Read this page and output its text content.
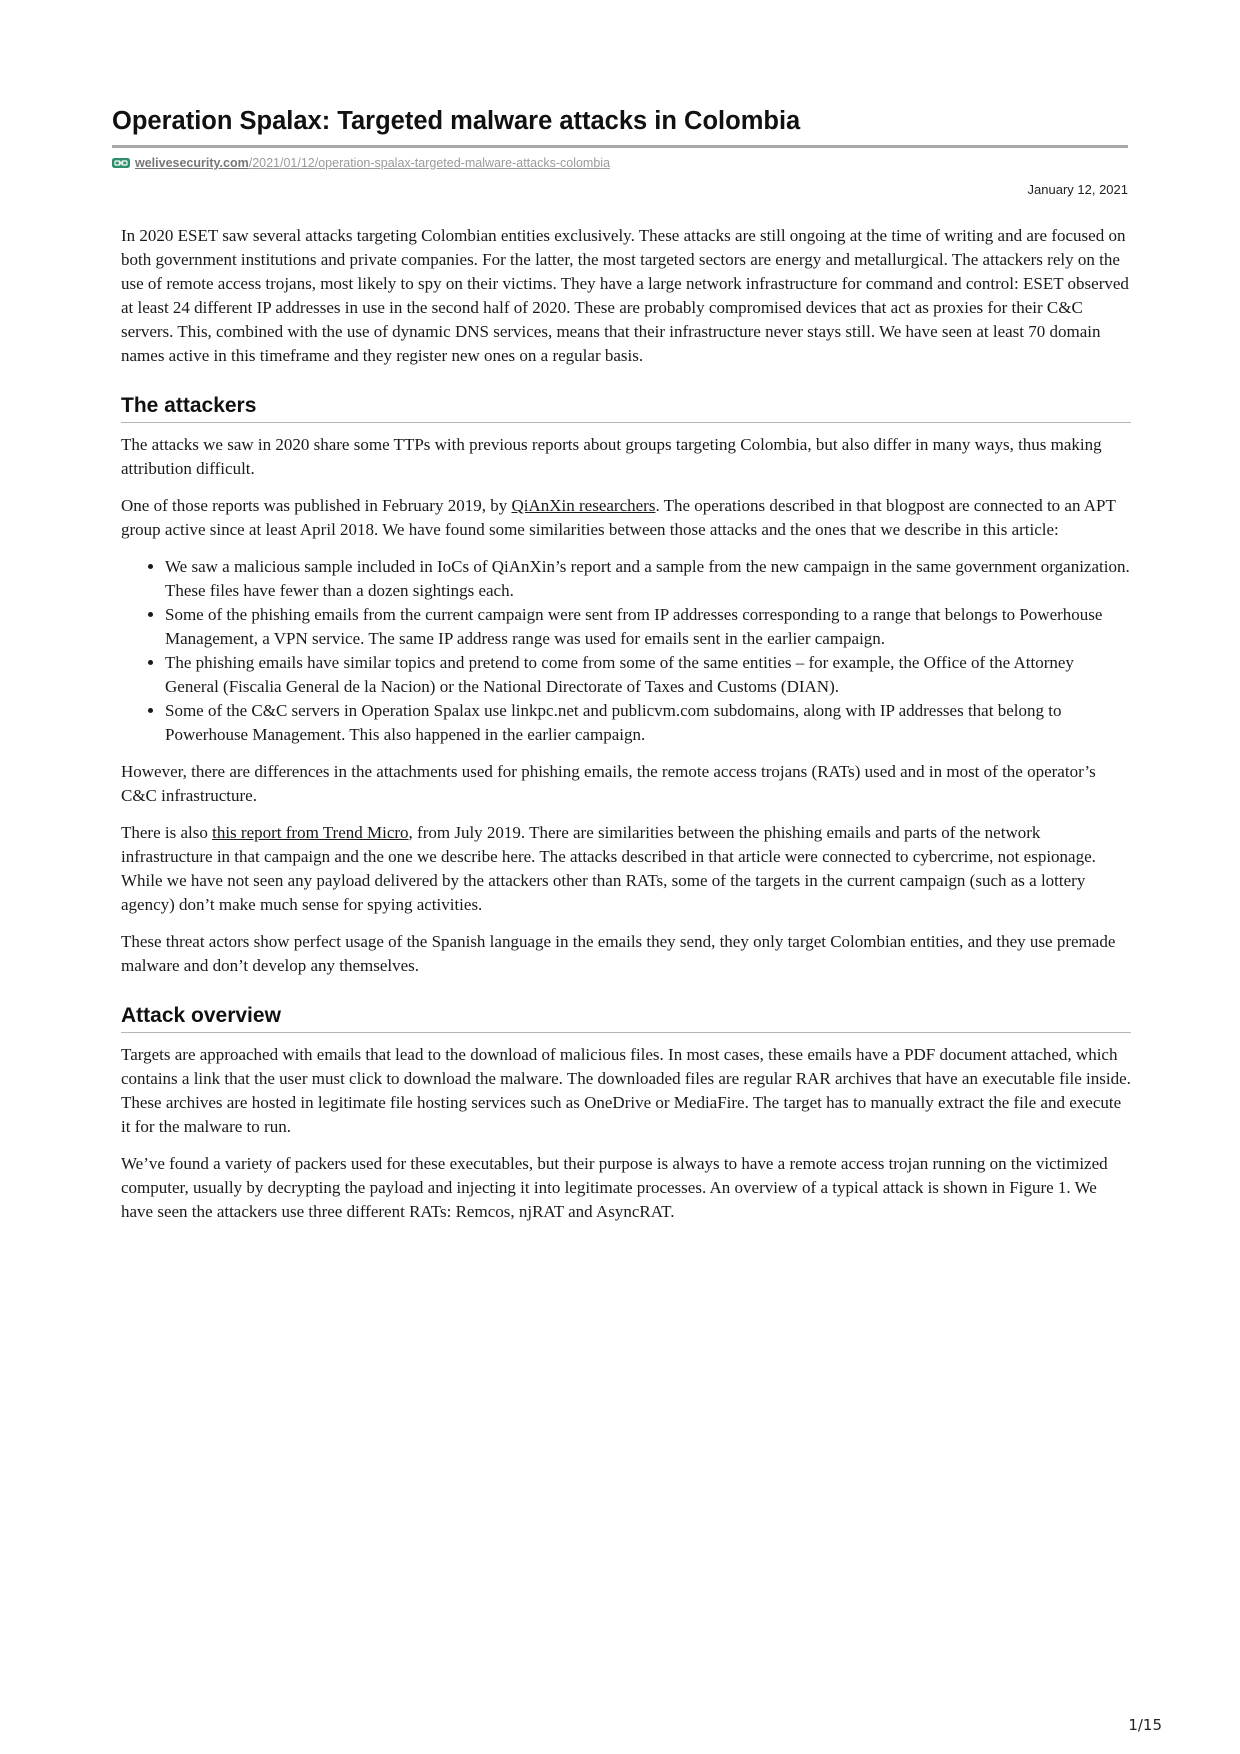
Operation Spalax: Targeted malware attacks in Colombia
welivesecurity.com /2021/01/12/operation-spalax-targeted-malware-attacks-colombia
January 12, 2021

In 2020 ESET saw several attacks targeting Colombian entities exclusively. These attacks are still ongoing at the time of writing and are focused on both government institutions and private companies. For the latter, the most targeted sectors are energy and metallurgical. The attackers rely on the use of remote access trojans, most likely to spy on their victims. They have a large network infrastructure for command and control: ESET observed at least 24 different IP addresses in use in the second half of 2020. These are probably compromised devices that act as proxies for their C&C servers. This, combined with the use of dynamic DNS services, means that their infrastructure never stays still. We have seen at least 70 domain names active in this timeframe and they register new ones on a regular basis.

The attackers

The attacks we saw in 2020 share some TTPs with previous reports about groups targeting Colombia, but also differ in many ways, thus making attribution difficult.

One of those reports was published in February 2019, by QiAnXin researchers. The operations described in that blogpost are connected to an APT group active since at least April 2018. We have found some similarities between those attacks and the ones that we describe in this article:

• We saw a malicious sample included in IoCs of QiAnXin’s report and a sample from the new campaign in the same government organization. These files have fewer than a dozen sightings each.
• Some of the phishing emails from the current campaign were sent from IP addresses corresponding to a range that belongs to Powerhouse Management, a VPN service. The same IP address range was used for emails sent in the earlier campaign.
• The phishing emails have similar topics and pretend to come from some of the same entities – for example, the Office of the Attorney General (Fiscalia General de la Nacion) or the National Directorate of Taxes and Customs (DIAN).
• Some of the C&C servers in Operation Spalax use linkpc.net and publicvm.com subdomains, along with IP addresses that belong to Powerhouse Management. This also happened in the earlier campaign.

However, there are differences in the attachments used for phishing emails, the remote access trojans (RATs) used and in most of the operator’s C&C infrastructure.

There is also this report from Trend Micro, from July 2019. There are similarities between the phishing emails and parts of the network infrastructure in that campaign and the one we describe here. The attacks described in that article were connected to cybercrime, not espionage. While we have not seen any payload delivered by the attackers other than RATs, some of the targets in the current campaign (such as a lottery agency) don’t make much sense for spying activities.

These threat actors show perfect usage of the Spanish language in the emails they send, they only target Colombian entities, and they use premade malware and don’t develop any themselves.

Attack overview

Targets are approached with emails that lead to the download of malicious files. In most cases, these emails have a PDF document attached, which contains a link that the user must click to download the malware. The downloaded files are regular RAR archives that have an executable file inside. These archives are hosted in legitimate file hosting services such as OneDrive or MediaFire. The target has to manually extract the file and execute it for the malware to run.

We’ve found a variety of packers used for these executables, but their purpose is always to have a remote access trojan running on the victimized computer, usually by decrypting the payload and injecting it into legitimate processes. An overview of a typical attack is shown in Figure 1. We have seen the attackers use three different RATs: Remcos, njRAT and AsyncRAT.

1/15
